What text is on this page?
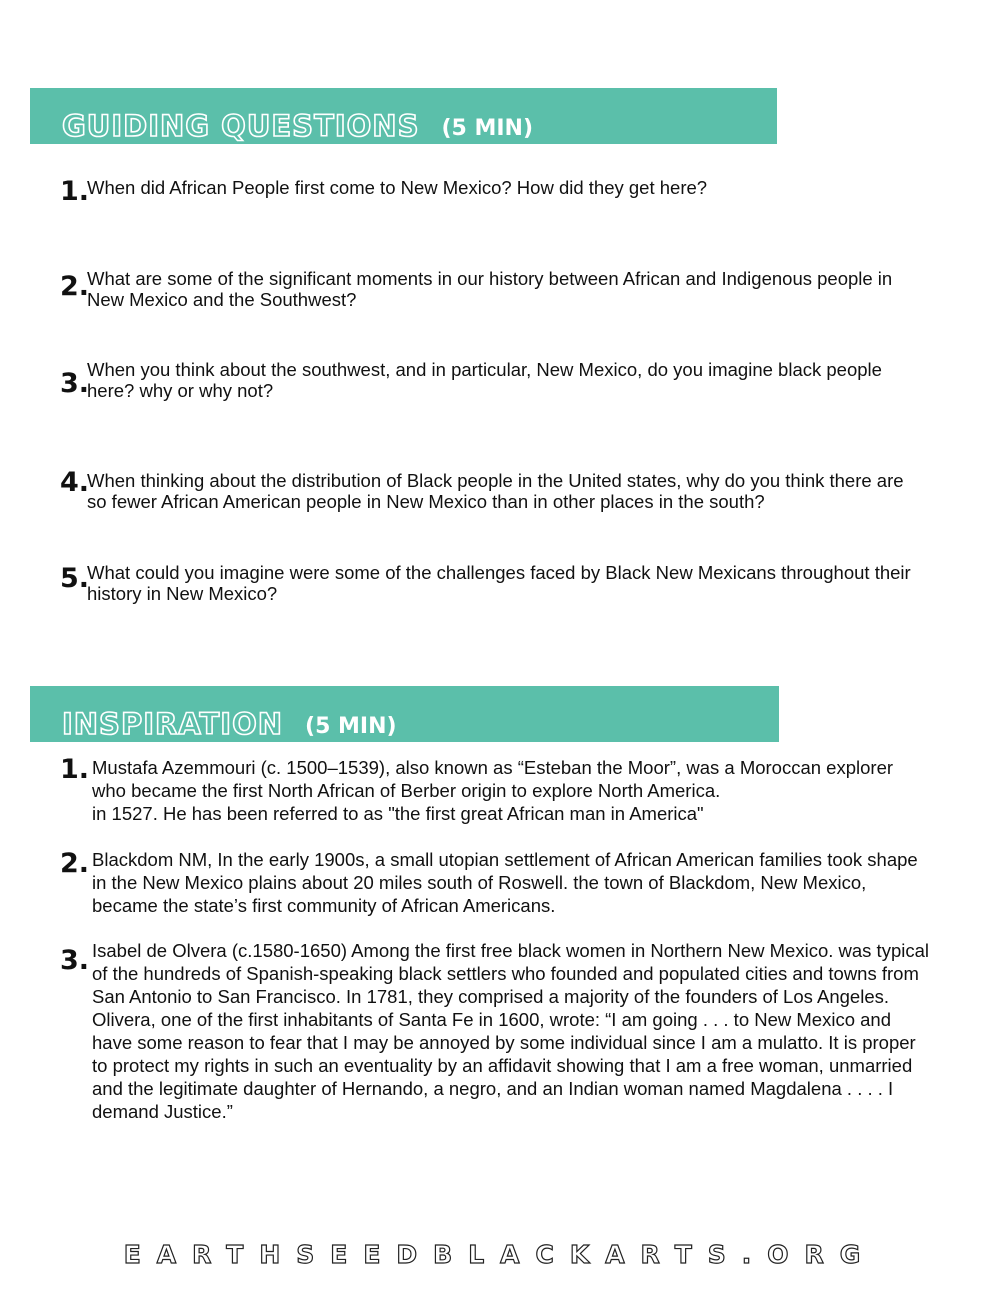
GUIDING QUESTIONS (5 MIN)
1.
When did African People first come to New Mexico? How did they get here?
2.
What are some of the significant moments in our history between African and Indigenous people in New Mexico and the Southwest?
3.
When you think about the southwest, and in particular, New Mexico, do you imagine black people here? why or why not?
4.
When thinking about the distribution of Black people in the United states, why do you think there are so fewer African American people in New Mexico than in other places in the south?
5.
What could you imagine were some of the challenges faced by Black New Mexicans throughout their history in New Mexico?
INSPIRATION (5 MIN)
1. Mustafa Azemmouri (c. 1500–1539), also known as “Esteban the Moor”, was a Moroccan explorer who became the first North African of Berber origin to explore North America.
in 1527. He has been referred to as "the first great African man in America"
2. Blackdom NM, In the early 1900s, a small utopian settlement of African American families took shape in the New Mexico plains about 20 miles south of Roswell. the town of Blackdom, New Mexico, became the state’s first community of African Americans.
3. Isabel de Olvera (c.1580-1650) Among the first free black women in Northern New Mexico. was typical of the hundreds of Spanish-speaking black settlers who founded and populated cities and towns from San Antonio to San Francisco. In 1781, they comprised a majority of the founders of Los Angeles. Olivera, one of the first inhabitants of Santa Fe in 1600, wrote: “I am going . . . to New Mexico and have some reason to fear that I may be annoyed by some individual since I am a mulatto. It is proper to protect my rights in such an eventuality by an affidavit showing that I am a free woman, unmarried and the legitimate daughter of Hernando, a negro, and an Indian woman named Magdalena . . . . I demand Justice.”
EARTHSEEDBLACKARTS.ORG
